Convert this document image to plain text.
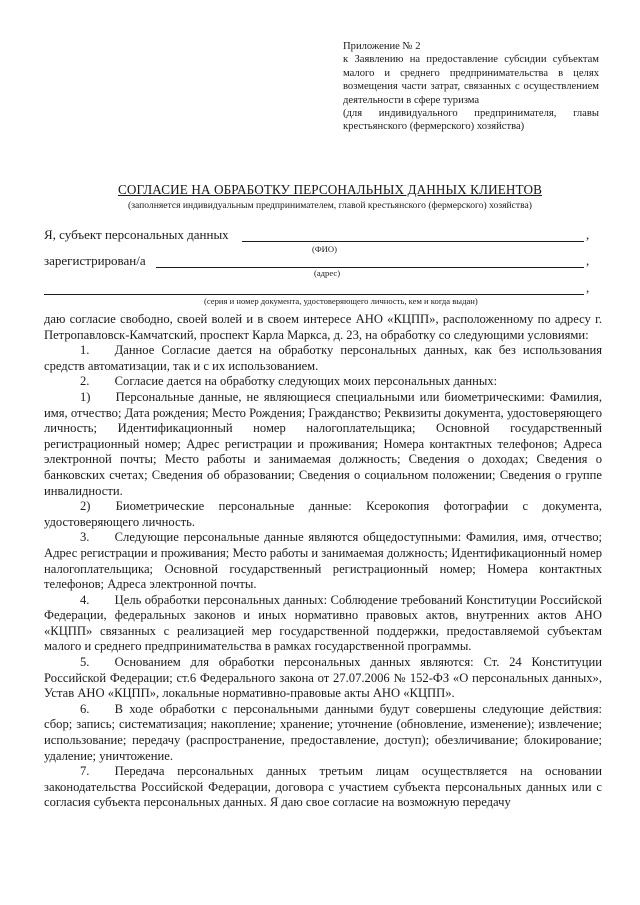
Приложение № 2
к Заявлению на предоставление субсидии субъектам малого и среднего предпринимательства в целях возмещения части затрат, связанных с осуществлением деятельности в сфере туризма
(для индивидуального предпринимателя, главы крестьянского (фермерского) хозяйства)
СОГЛАСИЕ НА ОБРАБОТКУ ПЕРСОНАЛЬНЫХ ДАННЫХ КЛИЕНТОВ
(заполняется индивидуальным предпринимателем, главой крестьянского (фермерского) хозяйства)
Я, субъект персональных данных	,
(ФИО)
зарегистрирован/а	,
(адрес)
,
(серия и номер документа, удостоверяющего личность, кем и когда выдан)

даю согласие свободно, своей волей и в своем интересе АНО «КЦПП», расположенному по адресу г. Петропавловск-Камчатский, проспект Карла Маркса, д. 23, на обработку со следующими условиями:

1.  Данное Согласие дается на обработку персональных данных, как без использования средств автоматизации, так и с их использованием.

2.  Согласие дается на обработку следующих моих персональных данных:

1)  Персональные данные, не являющиеся специальными или биометрическими: Фамилия, имя, отчество; Дата рождения; Место Рождения; Гражданство; Реквизиты документа, удостоверяющего личность; Идентификационный номер налогоплательщика; Основной государственный регистрационный номер; Адрес регистрации и проживания; Номера контактных телефонов; Адреса электронной почты; Место работы и занимаемая должность; Сведения о доходах; Сведения о банковских счетах; Сведения об образовании; Сведения о социальном положении; Сведения о группе инвалидности.

2)  Биометрические персональные данные: Ксерокопия фотографии с документа, удостоверяющего личность.

3.  Следующие персональные данные являются общедоступными: Фамилия, имя, отчество; Адрес регистрации и проживания; Место работы и занимаемая должность; Идентификационный номер налогоплательщика; Основной государственный регистрационный номер; Номера контактных телефонов; Адреса электронной почты.

4.  Цель обработки персональных данных: Соблюдение требований Конституции Российской Федерации, федеральных законов и иных нормативно правовых актов, внутренних актов АНО «КЦПП» связанных с реализацией мер государственной поддержки, предоставляемой субъектам малого и среднего предпринимательства в рамках государственной программы.

5.  Основанием для обработки персональных данных являются: Ст. 24 Конституции Российской Федерации; ст.6 Федерального закона от 27.07.2006 № 152-ФЗ «О персональных данных», Устав АНО «КЦПП», локальные нормативно-правовые акты АНО «КЦПП».

6.  В ходе обработки с персональными данными будут совершены следующие действия: сбор; запись; систематизация; накопление; хранение; уточнение (обновление, изменение); извлечение; использование; передачу (распространение, предоставление, доступ); обезличивание; блокирование; удаление; уничтожение.

7.  Передача персональных данных третьим лицам осуществляется на основании законодательства Российской Федерации, договора с участием субъекта персональных данных или с согласия субъекта персональных данных. Я даю свое согласие на возможную передачу
